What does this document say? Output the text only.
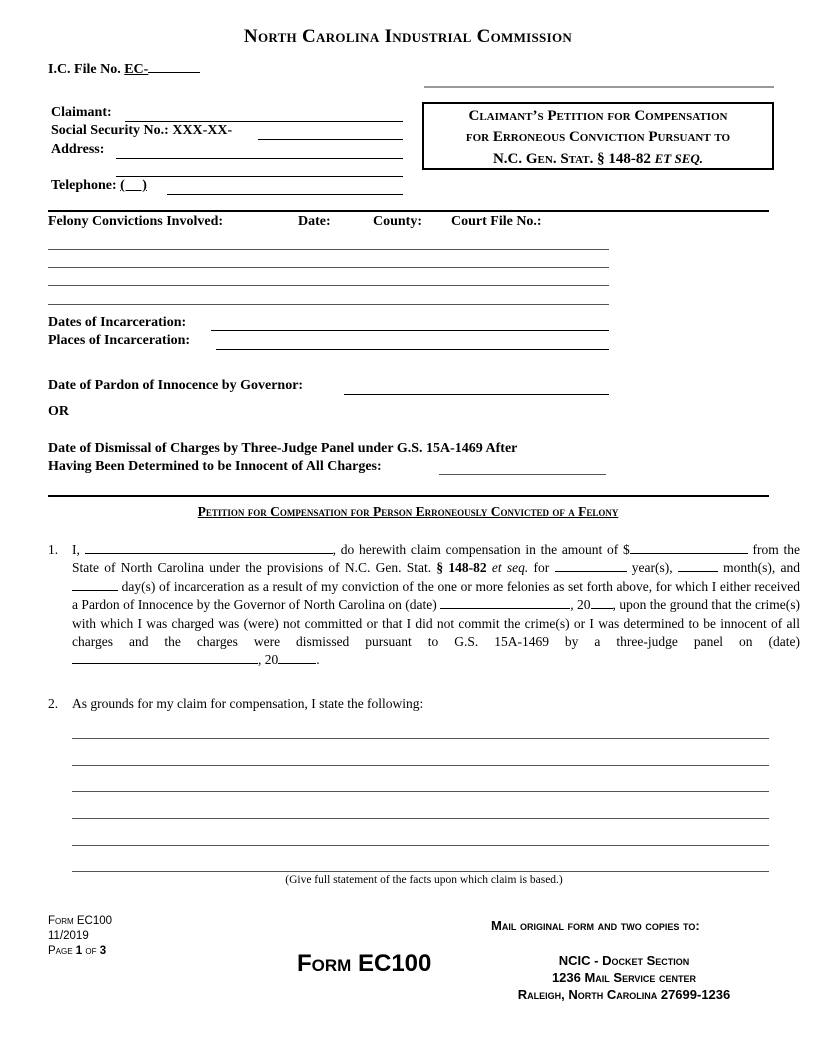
North Carolina Industrial Commission
I.C. File No. EC-
Claimant:
Social Security No.: XXX-XX-
Address:
Telephone: (     )
Claimant’s Petition for Compensation
for Erroneous Conviction Pursuant to
N.C. Gen. Stat. § 148-82 ET SEQ.
Felony Convictions Involved:	Date:	County: Court File No.:
Dates of Incarceration:
Places of Incarceration:
Date of Pardon of Innocence by Governor:
OR
Date of Dismissal of Charges by Three-Judge Panel under G.S. 15A-1469 After
Having Been Determined to be Innocent of All Charges:
Petition for Compensation for Person Erroneously Convicted of a Felony
1. I,	, do herewith claim compensation in the amount of $	from the State of North Carolina under the provisions of N.C. Gen. Stat. § 148-82 et seq. for	year(s),	month(s), and  day(s) of incarceration as a result of my conviction of the one or more felonies as set forth above, for which I either received a Pardon of Innocence by the Governor of North Carolina on (date)	, 20 , upon the ground that the crime(s) with which I was charged was (were) not committed or that I did not commit the crime(s) or I was determined to be innocent of all charges and the charges were dismissed pursuant to G.S. 15A-1469 by a three-judge panel on (date) , 20	.
2. As grounds for my claim for compensation, I state the following:
(Give full statement of the facts upon which claim is based.)
Form EC100
11/2019
Page 1 of 3	Form EC100
Mail original form and two copies to:
NCIC - Docket Section
1236 Mail Service center
Raleigh, North Carolina 27699-1236
